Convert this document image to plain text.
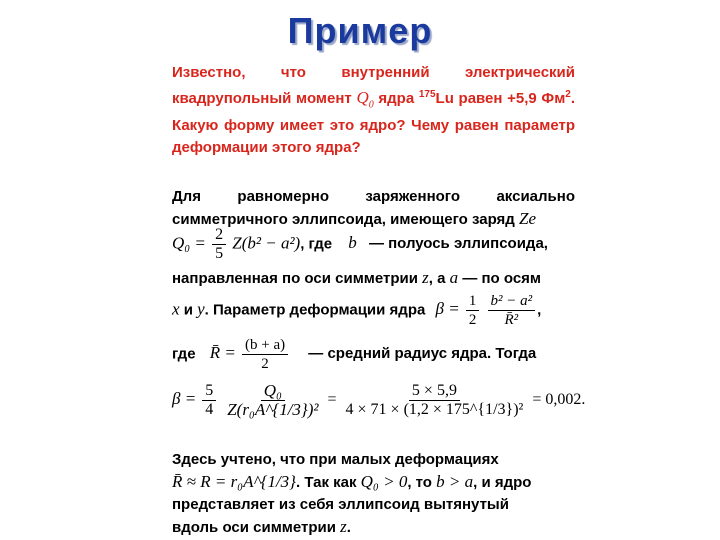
Пример
Известно, что внутренний электрический квадрупольный момент $Q_0$ ядра $^{175}$Lu равен +5,9 $Фм^2$. Какую форму имеет это ядро? Чему равен параметр деформации этого ядра?
Для равномерно заряженного аксиально симметричного эллипсоида, имеющего заряд Ze
$Q_0 = \frac{2}{5} Z(b^2 - a^2)$, где b — полуось эллипсоида,
направленная по оси симметрии z, а a — по осям
x и y. Параметр деформации ядра $\beta = \frac{1}{2}$
$\frac{\text{b² − a²}}{\text{R̄²}}$ ,
где R̄ = $\frac{(b + a)}{2}$ — средний радиус ядра. Тогда
$\beta = \frac{5}{4}$
$\frac{\text{Q₀}}{\text{Z(r₀A\textasciicircum{}\{1/3\})²}} = \frac{5 \times 5,9}{\text{4 × 71 × (1,2 × 175\textasciicircum{}\{1/3\})²}} = 0,002$.
Здесь учтено, что при малых деформациях
R̄ ≈ R = r₀A^{1/3}. Так как Q₀ > 0, то b > a, и ядро
представляет из себя эллипсоид вытянутый
вдоль оси симметрии z.
